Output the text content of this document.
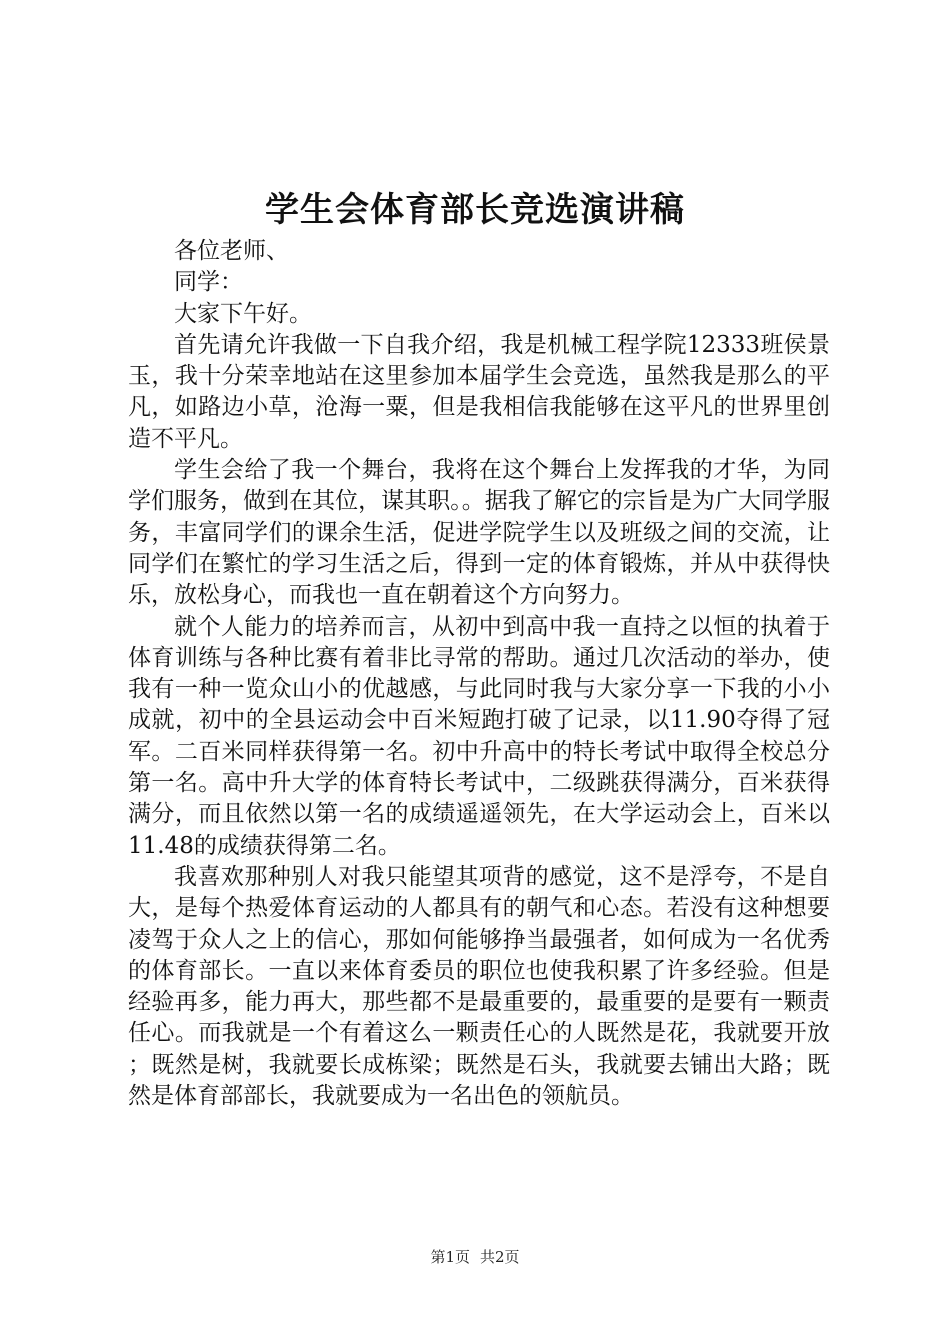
学生会体育部长竞选演讲稿

各位老师、

同学：

大家下午好。

首先请允许我做一下自我介绍，我是机械工程学院12333班侯景玉，我十分荣幸地站在这里参加本届学生会竞选，虽然我是那么的平凡，如路边小草，沧海一粟，但是我相信我能够在这平凡的世界里创造不平凡。

学生会给了我一个舞台，我将在这个舞台上发挥我的才华，为同学们服务，做到在其位，谋其职。。据我了解它的宗旨是为广大同学服务，丰富同学们的课余生活，促进学院学生以及班级之间的交流，让同学们在繁忙的学习生活之后，得到一定的体育锻炼，并从中获得快乐，放松身心，而我也一直在朝着这个方向努力。

就个人能力的培养而言，从初中到高中我一直持之以恒的执着于体育训练与各种比赛有着非比寻常的帮助。通过几次活动的举办，使我有一种一览众山小的优越感，与此同时我与大家分享一下我的小小成就，初中的全县运动会中百米短跑打破了记录，以11.90夺得了冠军。二百米同样获得第一名。初中升高中的特长考试中取得全校总分第一名。高中升大学的体育特长考试中，二级跳获得满分，百米获得满分，而且依然以第一名的成绩遥遥领先，在大学运动会上，百米以11.48的成绩获得第二名。

我喜欢那种别人对我只能望其项背的感觉，这不是浮夸，不是自大，是每个热爱体育运动的人都具有的朝气和心态。若没有这种想要凌驾于众人之上的信心，那如何能够挣当最强者，如何成为一名优秀的体育部长。一直以来体育委员的职位也使我积累了许多经验。但是经验再多，能力再大，那些都不是最重要的，最重要的是要有一颗责任心。而我就是一个有着这么一颗责任心的人既然是花，我就要开放；既然是树，我就要长成栋梁；既然是石头，我就要去铺出大路；既然是体育部部长，我就要成为一名出色的领航员。

第1页 共2页
